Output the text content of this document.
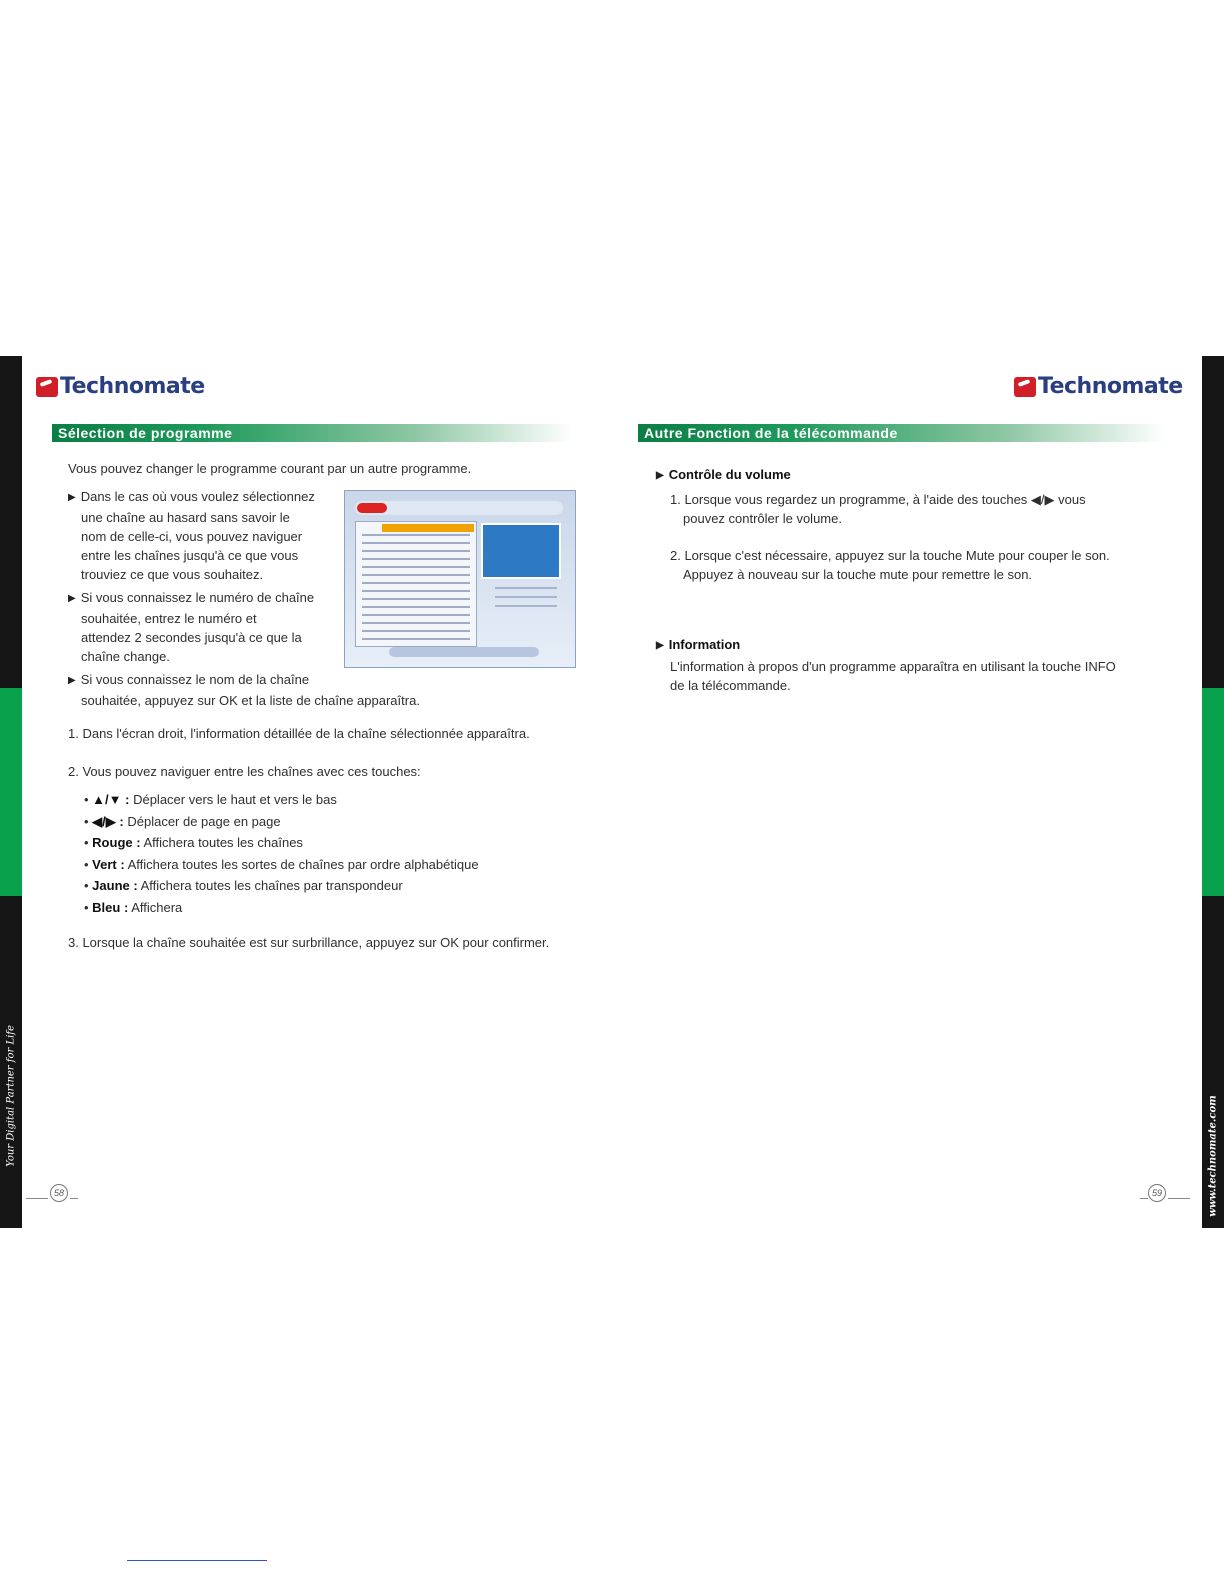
Your Digital Partner for Life	www.technomate.com
Technomate	Technomate
Sélection de programme	Autre Fonction de la télécommande
Vous pouvez changer le programme courant par un autre programme.
▶ Dans le cas où vous voulez sélectionnez
une chaîne au hasard sans savoir le
nom de celle-ci, vous pouvez naviguer
entre les chaînes jusqu'à ce que vous
trouviez ce que vous souhaitez.
▶ Si vous connaissez le numéro de chaîne
souhaitée, entrez le numéro et
attendez 2 secondes jusqu'à ce que la
chaîne change.
▶ Si vous connaissez le nom de la chaîne
souhaitée, appuyez sur OK et la liste de chaîne apparaîtra.
1. Dans l'écran droit, l'information détaillée de la chaîne sélectionnée apparaîtra.
2. Vous pouvez naviguer entre les chaînes avec ces touches:
• ▲/▼ : Déplacer vers le haut et vers le bas
• ◀/▶ : Déplacer de page en page
• Rouge : Affichera toutes les chaînes
• Vert : Affichera toutes les sortes de chaînes par ordre alphabétique
• Jaune : Affichera toutes les chaînes par transpondeur
• Bleu : Affichera
3. Lorsque la chaîne souhaitée est sur surbrillance, appuyez sur OK pour confirmer.
▶ Contrôle du volume
1. Lorsque vous regardez un programme, à l'aide des touches ◀/▶ vous
pouvez contrôler le volume.
2. Lorsque c'est nécessaire, appuyez sur la touche Mute pour couper le son.
Appuyez à nouveau sur la touche mute pour remettre le son.
▶ Information
L'information à propos d'un programme apparaîtra en utilisant la touche INFO
de la télécommande.
58	59
